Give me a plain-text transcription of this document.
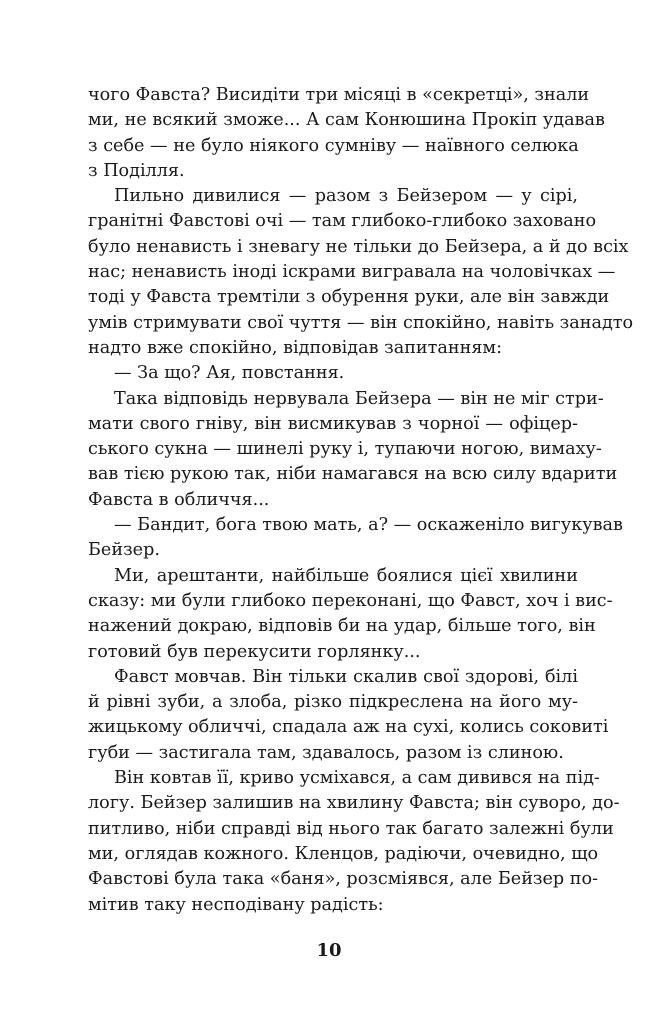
чого Фавста? Висидіти три місяці в «секретці», знали
ми, не всякий зможе... А сам Конюшина Прокіп удавав
з себе — не було ніякого сумніву — наївного селюка
з Поділля.
Пильно дивилися — разом з Бейзером — у сірі,
гранітні Фавстові очі — там глибоко-глибоко заховано
було ненависть і зневагу не тільки до Бейзера, а й до всіх
нас; ненависть іноді іскрами вигравала на чоловічках —
тоді у Фавста тремтіли з обурення руки, але він завжди
умів стримувати свої чуття — він спокійно, навіть занадто
надто вже спокійно, відповідав запитанням:
— За що? Ая, повстання.
Така відповідь нервувала Бейзера — він не міг стри-
мати свого гніву, він висмикував з чорної — офіцер-
ського сукна — шинелі руку і, тупаючи ногою, вимаху-
вав тією рукою так, ніби намагався на всю силу вдарити
Фавста в обличчя...
— Бандит, бога твою мать, а? — оскаженіло вигукував
Бейзер.
Ми, арештанти, найбільше боялися цієї хвилини
сказу: ми були глибоко переконані, що Фавст, хоч і вис-
нажений докраю, відповів би на удар, більше того, він
готовий був перекусити горлянку...
Фавст мовчав. Він тільки скалив свої здорові, білі
й рівні зуби, а злоба, різко підкреслена на його му-
жицькому обличчі, спадала аж на сухі, колись соковиті
губи — застигала там, здавалось, разом із слиною.
Він ковтав її, криво усміхався, а сам дивився на під-
логу. Бейзер залишив на хвилину Фавста; він суворо, до-
питливо, ніби справді від нього так багато залежні були
ми, оглядав кожного. Кленцов, радіючи, очевидно, що
Фавстові була така «баня», розсміявся, але Бейзер по-
мітив таку несподівану радість:
10
